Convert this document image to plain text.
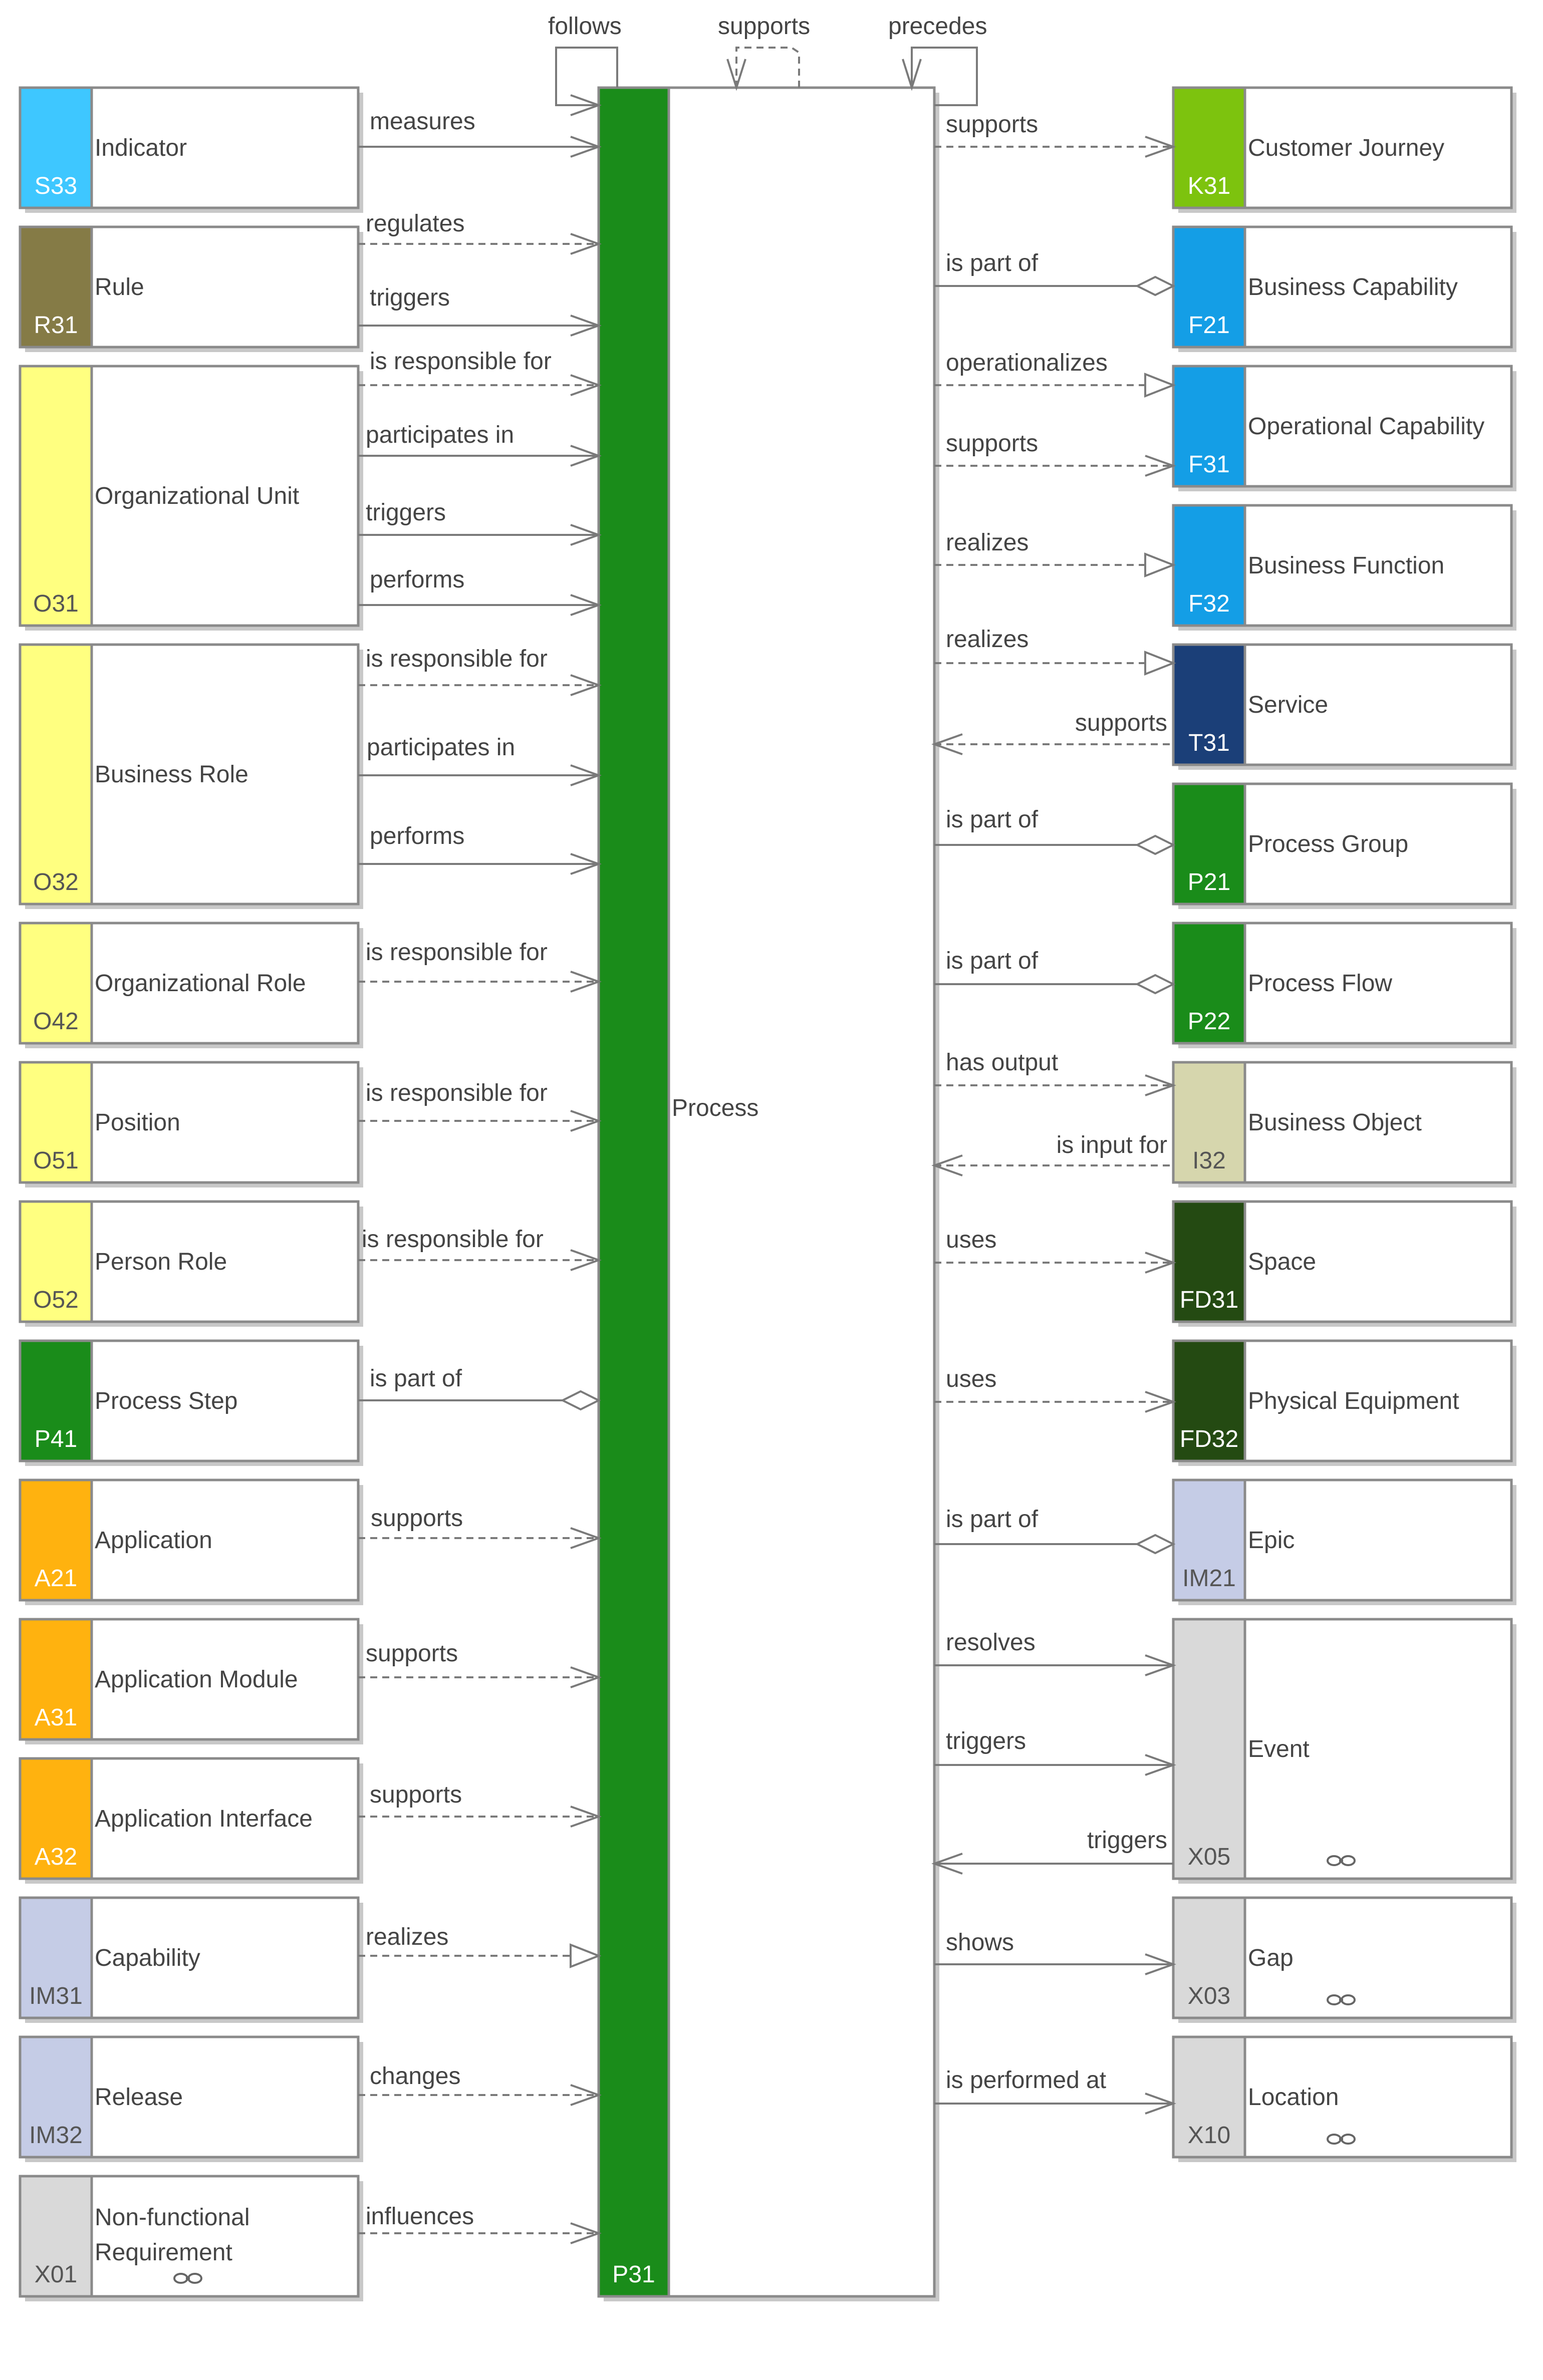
S33
Indicator
R31
Rule
O31
Organizational Unit
O32
Business Role
O42
Organizational Role
O51
Position
O52
Person Role
P41
Process Step
A21
Application
A31
Application Module
A32
Application Interface
IM31
Capability
IM32
Release
X01
Non-functional
Requirement
K31
Customer Journey
F21
Business Capability
F31
Operational Capability
F32
Business Function
T31
Service
P21
Process Group
P22
Process Flow
I32
Business Object
FD31
Space
FD32
Physical Equipment
IM21
Epic
X05
Event
X03
Gap
X10
Location
Process
P31
measures
regulates
triggers
is responsible for
participates in
triggers
performs
is responsible for
participates in
performs
is responsible for
is responsible for
is responsible for
is part of
supports
supports
supports
realizes
changes
influences
supports
is part of
operationalizes
supports
realizes
realizes
supports
is part of
is part of
has output
is input for
uses
uses
is part of
resolves
triggers
triggers
shows
is performed at
follows	supports	precedes
